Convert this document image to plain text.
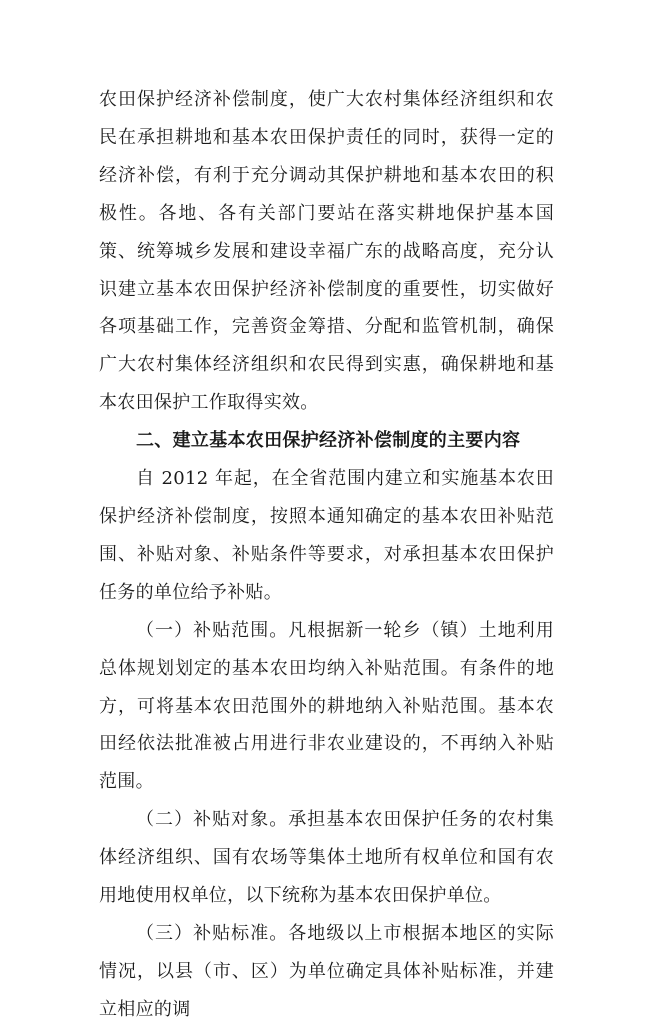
农田保护经济补偿制度，使广大农村集体经济组织和农民在承担耕地和基本农田保护责任的同时，获得一定的经济补偿，有利于充分调动其保护耕地和基本农田的积极性。各地、各有关部门要站在落实耕地保护基本国策、统筹城乡发展和建设幸福广东的战略高度，充分认识建立基本农田保护经济补偿制度的重要性，切实做好各项基础工作，完善资金筹措、分配和监管机制，确保广大农村集体经济组织和农民得到实惠，确保耕地和基本农田保护工作取得实效。

二、建立基本农田保护经济补偿制度的主要内容

自 2012 年起，在全省范围内建立和实施基本农田保护经济补偿制度，按照本通知确定的基本农田补贴范围、补贴对象、补贴条件等要求，对承担基本农田保护任务的单位给予补贴。

（一）补贴范围。凡根据新一轮乡（镇）土地利用总体规划划定的基本农田均纳入补贴范围。有条件的地方，可将基本农田范围外的耕地纳入补贴范围。基本农田经依法批准被占用进行非农业建设的，不再纳入补贴范围。

（二）补贴对象。承担基本农田保护任务的农村集体经济组织、国有农场等集体土地所有权单位和国有农用地使用权单位，以下统称为基本农田保护单位。

（三）补贴标准。各地级以上市根据本地区的实际情况，以县（市、区）为单位确定具体补贴标准，并建立相应的调
